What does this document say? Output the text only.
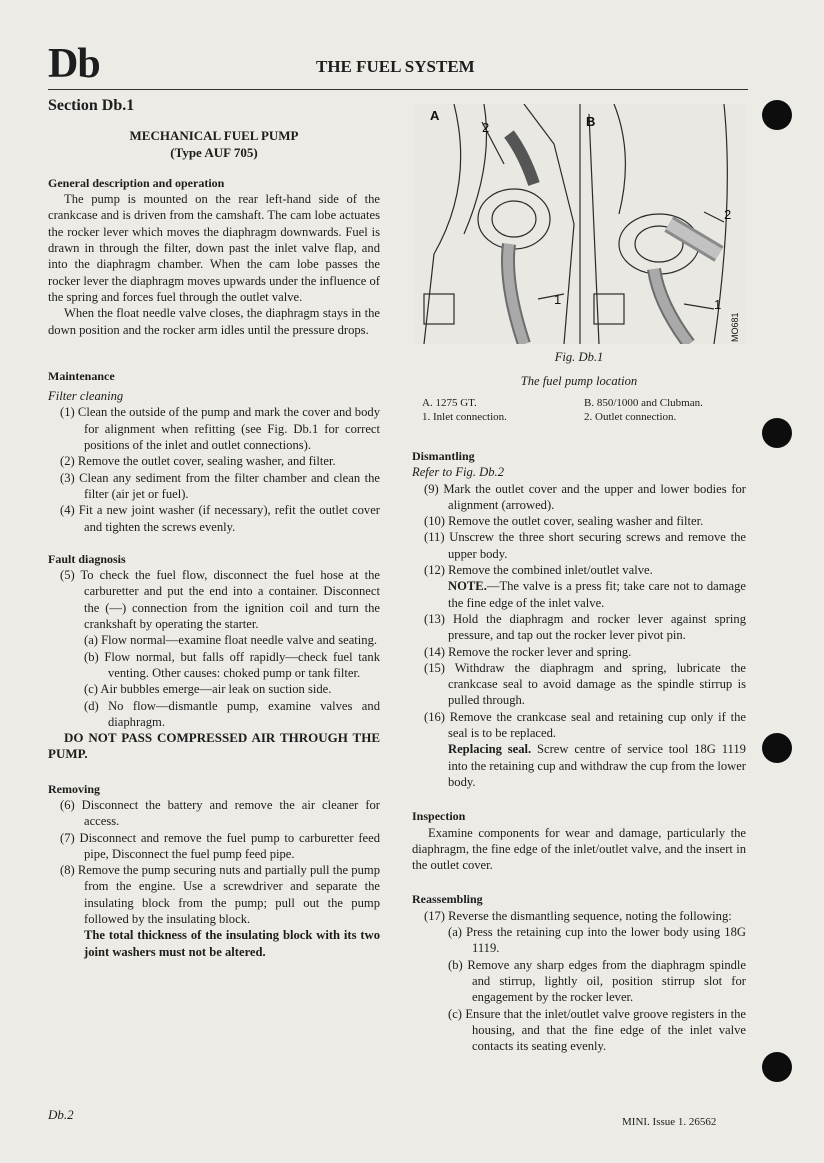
Db	THE FUEL SYSTEM
Section Db.1
MECHANICAL FUEL PUMP
(Type AUF 705)
General description and operation

The pump is mounted on the rear left-hand side of the crankcase and is driven from the camshaft. The cam lobe actuates the rocker lever which moves the diaphragm downwards. Fuel is drawn in through the filter, down past the inlet valve flap, and into the diaphragm chamber. When the cam lobe passes the rocker lever the diaphragm moves upwards under the influence of the spring and forces fuel through the outlet valve.

When the float needle valve closes, the diaphragm stays in the down position and the rocker arm idles until the pressure drops.

Maintenance
Filter cleaning
(1) Clean the outside of the pump and mark the cover and body for alignment when refitting (see Fig. Db.1 for correct positions of the inlet and outlet connections).
(2) Remove the outlet cover, sealing washer, and filter.
(3) Clean any sediment from the filter chamber and clean the filter (air jet or fuel).
(4) Fit a new joint washer (if necessary), refit the outlet cover and tighten the screws evenly.
Fault diagnosis
(5) To check the fuel flow, disconnect the fuel hose at the carburetter and put the end into a container. Disconnect the (—) connection from the ignition coil and turn the crankshaft by operating the starter.
(a) Flow normal—examine float needle valve and seating.
(b) Flow normal, but falls off rapidly—check fuel tank venting. Other causes: choked pump or tank filter.
(c) Air bubbles emerge—air leak on suction side.
(d) No flow—dismantle pump, examine valves and diaphragm.

DO NOT PASS COMPRESSED AIR THROUGH THE PUMP.

Removing
(6) Disconnect the battery and remove the air cleaner for access.
(7) Disconnect and remove the fuel pump to carburetter feed pipe, Disconnect the fuel pump feed pipe.
(8) Remove the pump securing nuts and partially pull the pump from the engine. Use a screwdriver and separate the insulating block from the pump; pull out the pump followed by the insulating block.
The total thickness of the insulating block with its two joint washers must not be altered.
A	B
2
1
2
1
MO681
Fig. Db.1
The fuel pump location
A. 1275 GT.	B. 850/1000 and Clubman.
1. Inlet connection.	2. Outlet connection.
Dismantling
Refer to Fig. Db.2
(9) Mark the outlet cover and the upper and lower bodies for alignment (arrowed).
(10) Remove the outlet cover, sealing washer and filter.
(11) Unscrew the three short securing screws and remove the upper body.
(12) Remove the combined inlet/outlet valve.

NOTE.—The valve is a press fit; take care not to damage the fine edge of the inlet valve.

(13) Hold the diaphragm and rocker lever against spring pressure, and tap out the rocker lever pivot pin.
(14) Remove the rocker lever and spring.
(15) Withdraw the diaphragm and spring, lubricate the crankcase seal to avoid damage as the spindle stirrup is pulled through.
(16) Remove the crankcase seal and retaining cup only if the seal is to be replaced.

Replacing seal. Screw centre of service tool 18G 1119 into the retaining cup and withdraw the cup from the lower body.

Inspection

Examine components for wear and damage, particularly the diaphragm, the fine edge of the inlet/outlet valve, and the insert in the outlet cover.

Reassembling
(17) Reverse the dismantling sequence, noting the following:
(a) Press the retaining cup into the lower body using 18G 1119.
(b) Remove any sharp edges from the diaphragm spindle and stirrup, lightly oil, position stirrup slot for engagement by the rocker lever.
(c) Ensure that the inlet/outlet valve groove registers in the housing, and that the fine edge of the inlet valve contacts its seating evenly.
Db.2	MINI. Issue 1. 26562
